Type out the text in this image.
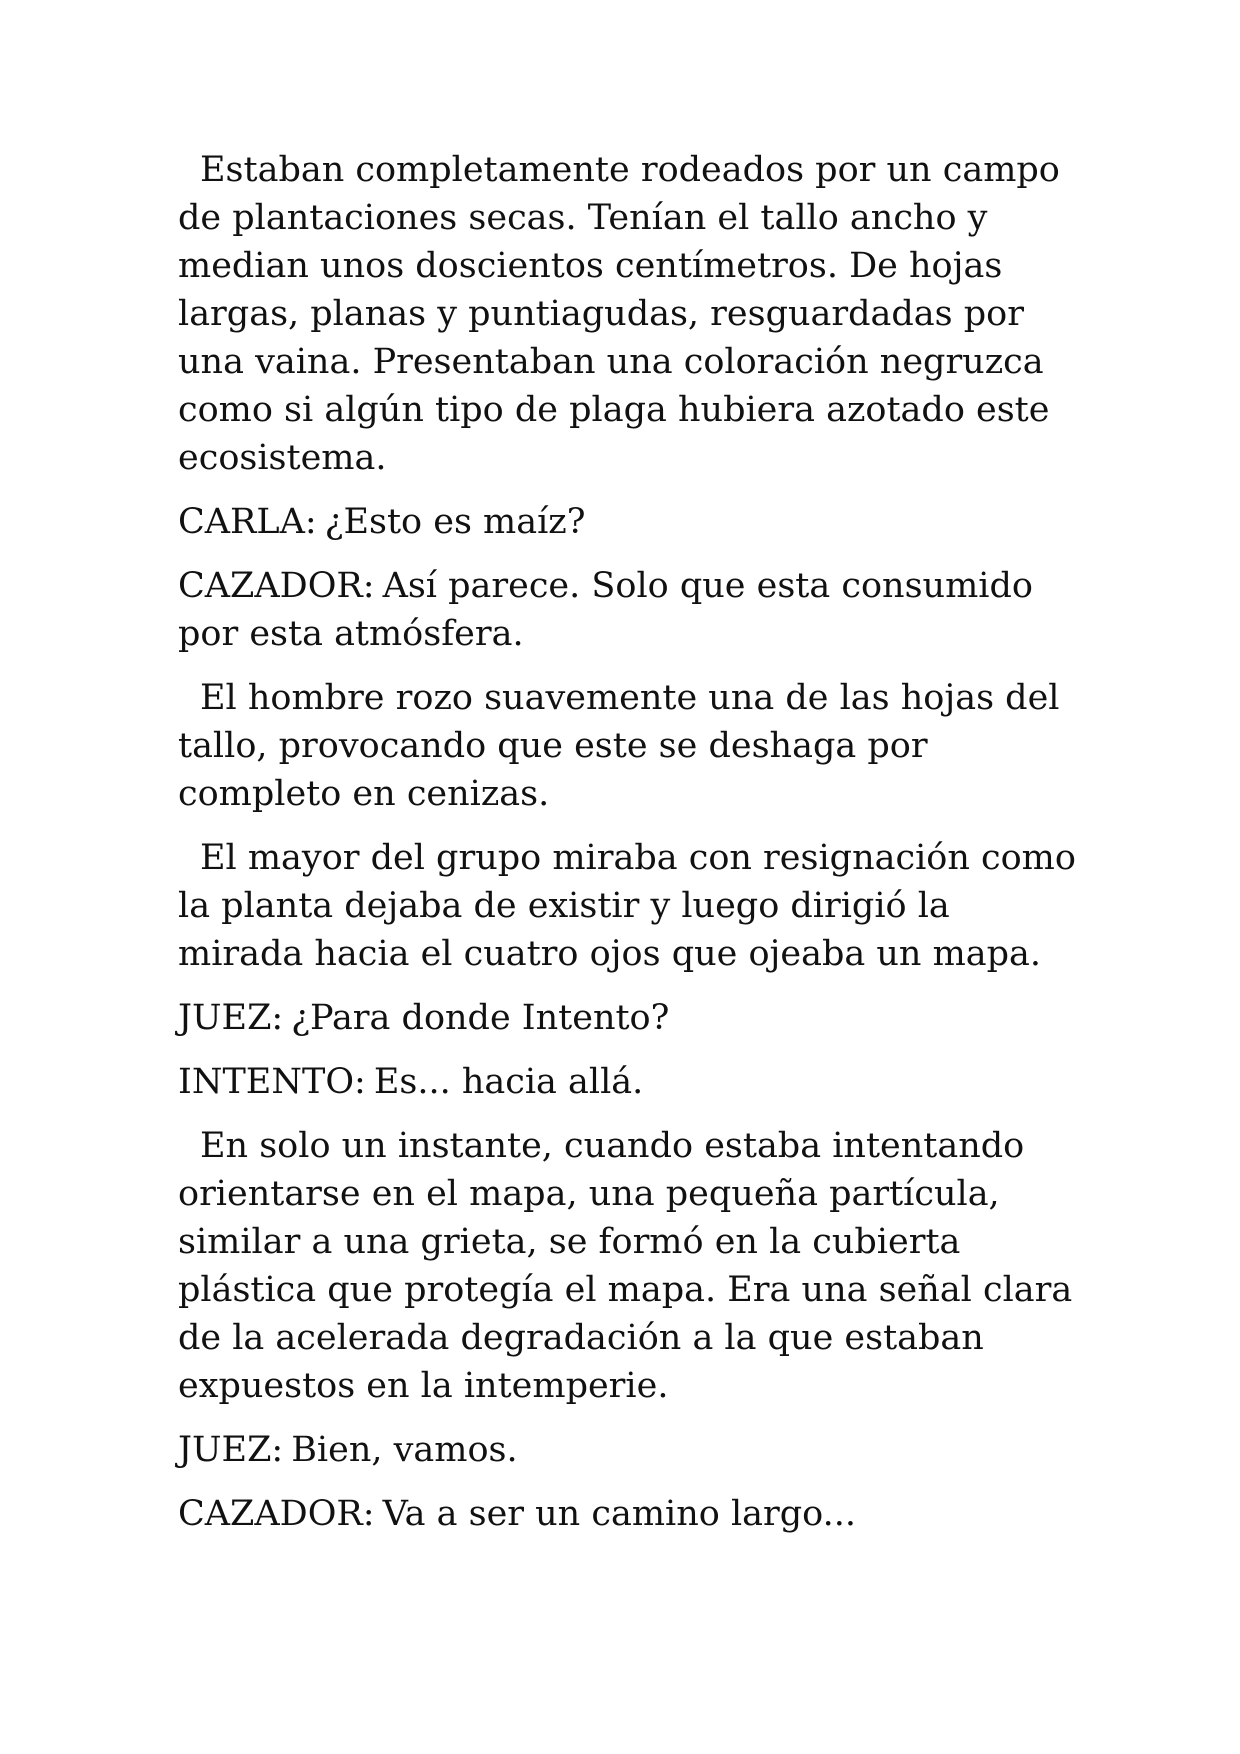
Estaban completamente rodeados por un campo de plantaciones secas. Tenían el tallo ancho y median unos doscientos centímetros. De hojas largas, planas y puntiagudas, resguardadas por una vaina. Presentaban una coloración negruzca como si algún tipo de plaga hubiera azotado este ecosistema.

CARLA: ¿Esto es maíz?

CAZADOR: Así parece. Solo que esta consumido por esta atmósfera.

El hombre rozo suavemente una de las hojas del tallo, provocando que este se deshaga por completo en cenizas.

El mayor del grupo miraba con resignación como la planta dejaba de existir y luego dirigió la mirada hacia el cuatro ojos que ojeaba un mapa.

JUEZ: ¿Para donde Intento?

INTENTO: Es... hacia allá.

En solo un instante, cuando estaba intentando orientarse en el mapa, una pequeña partícula, similar a una grieta, se formó en la cubierta plástica que protegía el mapa. Era una señal clara de la acelerada degradación a la que estaban expuestos en la intemperie.

JUEZ: Bien, vamos.

CAZADOR: Va a ser un camino largo...
